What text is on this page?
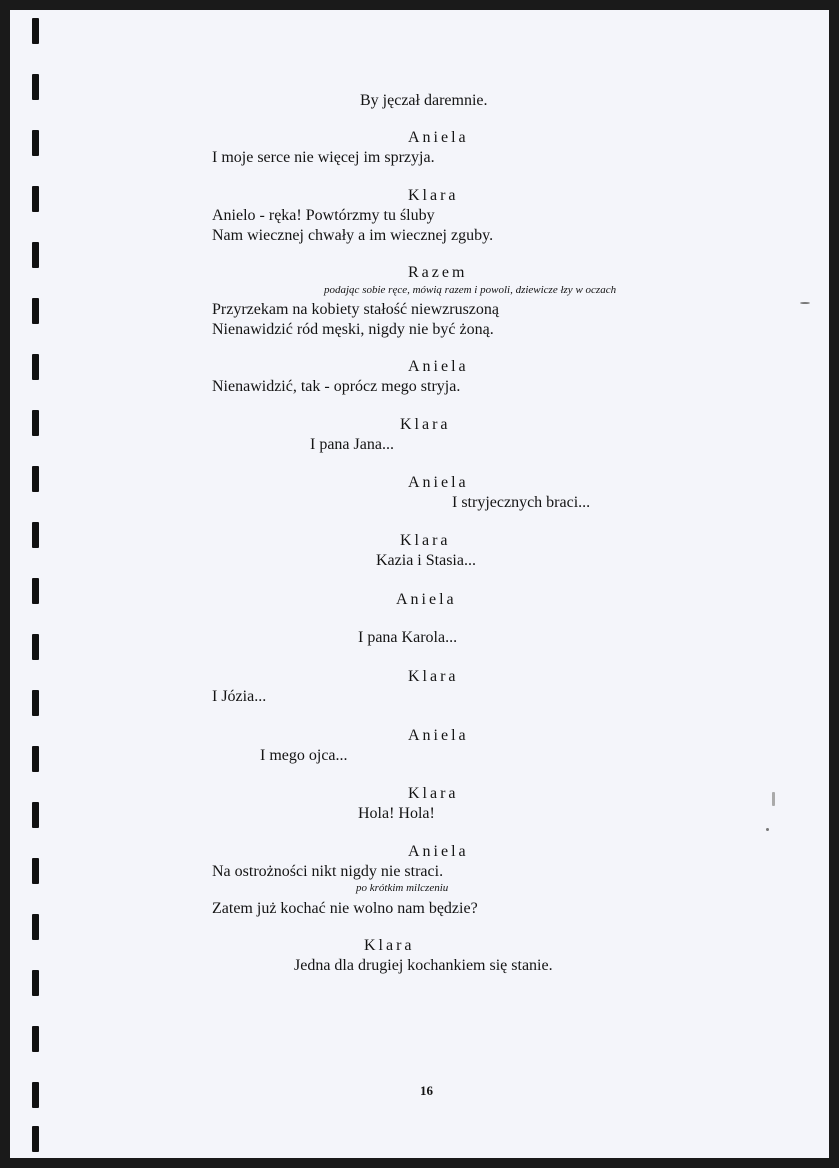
By jęczał daremnie.
Aniela
I moje serce nie więcej im sprzyja.
Klara
Anielo - ręka! Powtórzmy tu śluby
Nam wiecznej chwały a im wiecznej zguby.
Razem
podając sobie ręce, mówią razem i powoli, dziewicze łzy w oczach
Przyrzekam na kobiety stałość niewzruszoną
Nienawidzić ród męski, nigdy nie być żoną.
Aniela
Nienawidzić, tak - oprócz mego stryja.
Klara
I pana Jana...
Aniela
I stryjecznych braci...
Klara
Kazia i Stasia...
Aniela
I pana Karola...
Klara
I Józia...
Aniela
I mego ojca...
Klara
Hola! Hola!
Aniela
Na ostrożności nikt nigdy nie straci.
po krótkim milczeniu
Zatem już kochać nie wolno nam będzie?
Klara
Jedna dla drugiej kochankiem się stanie.
16
